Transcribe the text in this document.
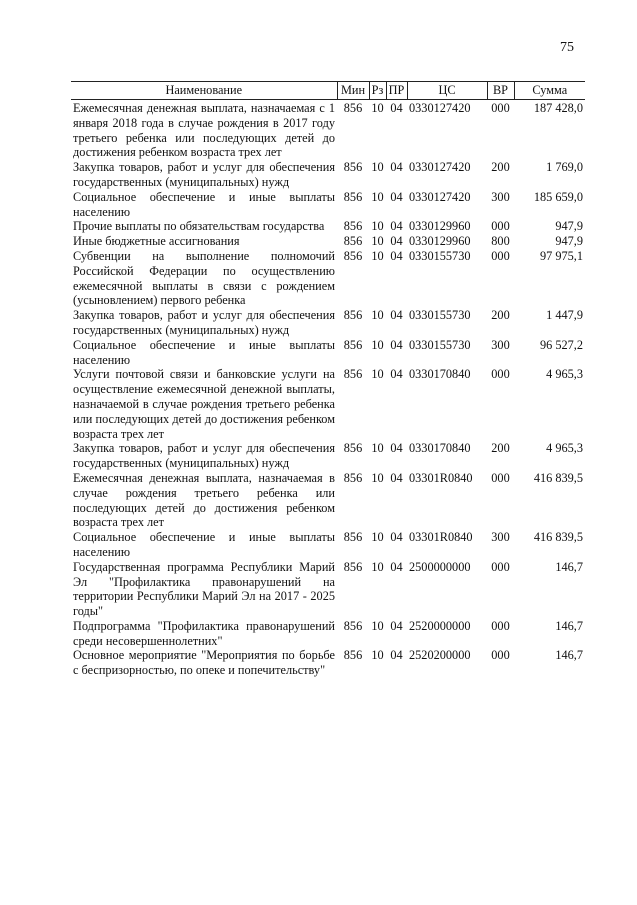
75
Наименование	Мин	Рз	ПР	ЦС	ВР	Сумма
Ежемесячная денежная выплата, назначаемая с 1 января 2018 года в случае рождения в 2017 году третьего ребенка или последующих детей до достижения ребенком возраста трех лет	856	10	04	0330127420	000	187 428,0
Закупка товаров, работ и услуг для обеспечения государственных (муниципальных) нужд	856	10	04	0330127420	200	1 769,0
Социальное обеспечение и иные выплаты населению	856	10	04	0330127420	300	185 659,0
Прочие выплаты по обязательствам государства	856	10	04	0330129960	000	947,9
Иные бюджетные ассигнования	856	10	04	0330129960	800	947,9
Субвенции на выполнение полномочий Российской Федерации по осуществлению ежемесячной выплаты в связи с рождением (усыновлением) первого ребенка	856	10	04	0330155730	000	97 975,1
Закупка товаров, работ и услуг для обеспечения государственных (муниципальных) нужд	856	10	04	0330155730	200	1 447,9
Социальное обеспечение и иные выплаты населению	856	10	04	0330155730	300	96 527,2
Услуги почтовой связи и банковские услуги на осуществление ежемесячной денежной выплаты, назначаемой в случае рождения третьего ребенка или последующих детей до достижения ребенком возраста трех лет	856	10	04	0330170840	000	4 965,3
Закупка товаров, работ и услуг для обеспечения государственных (муниципальных) нужд	856	10	04	0330170840	200	4 965,3
Ежемесячная денежная выплата, назначаемая в случае рождения третьего ребенка или последующих детей до достижения ребенком возраста трех лет	856	10	04	03301R0840	000	416 839,5
Социальное обеспечение и иные выплаты населению	856	10	04	03301R0840	300	416 839,5
Государственная программа Республики Марий Эл "Профилактика правонарушений на территории Республики Марий Эл на 2017 - 2025 годы"	856	10	04	2500000000	000	146,7
Подпрограмма "Профилактика правонарушений среди несовершеннолетних"	856	10	04	2520000000	000	146,7
Основное мероприятие "Мероприятия по борьбе с беспризорностью, по опеке и попечительству"	856	10	04	2520200000	000	146,7
